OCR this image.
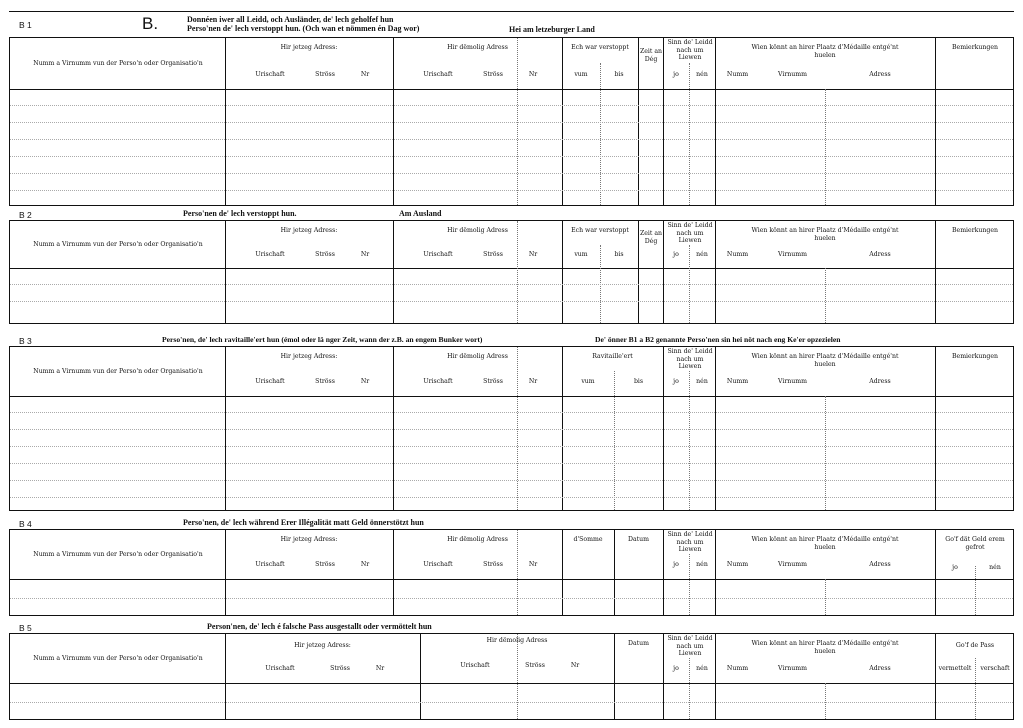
B.
B 1
Donnéen iwer all Leidd, och Ausländer, de' lech geholfef hun
Perso'nen de' lech verstoppt hun. (Och wan et nömmen én Dag wor)	Hei am letzeburger Land
Numm a Virnumm vun der Perso'n oder Organisatio'n
Hir jetzeg Adress:
Urischaft	Ströss	Nr
Hir dëmolig Adress
Urischaft	Ströss	Nr
Ech war verstoppt
vum	bis
Zeit an Dég
Sinn de' Leidd nach um Liewen
jo	nén
Wien könnt an hirer Plaatz d'Médaille entgé'nt huelen
Numm	Virnumm	Adress
Bemierkungen
B 2	Perso'nen de' lech verstoppt hun.	Am Ausland
Numm a Virnumm vun der Perso'n oder Organisatio'n
Hir jetzeg Adress:
Urischaft	Ströss	Nr
Hir dëmolig Adress
Urischaft	Ströss	Nr
Ech war verstoppt
vum	bis
Zeit an Dég
Sinn de' Leidd nach um Liewen
jo	nén
Wien könnt an hirer Plaatz d'Médaille entgé'nt huelen
Numm	Virnumm	Adress
Bemierkungen
B 3	Perso'nen, de' lech ravitaille'ert hun (émol oder lä nger Zeit, wann der z.B. an engem Bunker wort)	De' önner B1 a B2 genannte Perso'nen sin hei nöt nach eng Ke'er opzezielen
Numm a Virnumm vun der Perso'n oder Organisatio'n
Hir jetzeg Adress:
Urischaft	Ströss	Nr
Hir dëmolig Adress
Urischaft	Ströss	Nr
Ravitaille'ert
vum	bis
Sinn de' Leidd nach um Liewen
jo	nén
Wien könnt an hirer Plaatz d'Médaille entgé'nt huelen
Numm	Virnumm	Adress
Bemierkungen
B 4	Perso'nen, de' lech während Erer Illégalität matt Geld önnerstötzt hun
Numm a Virnumm vun der Perso'n oder Organisatio'n
Hir jetzeg Adress:
Urischaft	Ströss	Nr
Hir dëmolig Adress
Urischaft	Ströss	Nr
d'Somme	Datum
Sinn de' Leidd nach um Liewen
jo	nén
Wien könnt an hirer Plaatz d'Médaille entgé'nt huelen
Numm	Virnumm	Adress
Go'f dät Geld erem gefrot
jo	nén
B 5	Person'nen, de' lech é falsche Pass ausgestallt oder vermöttelt hun
Numm a Virnumm vun der Perso'n oder Organisatio'n
Hir jetzeg Adress:
Urischaft	Ströss	Nr
Hir dëmolig Adress
Urischaft	Ströss	Nr
Datum
Sinn de' Leidd nach um Liewen
jo	nén
Wien könnt an hirer Plaatz d'Médaille entgé'nt huelen
Numm	Virnumm	Adress
Go'f de Pass
vermettelt	verschaft
